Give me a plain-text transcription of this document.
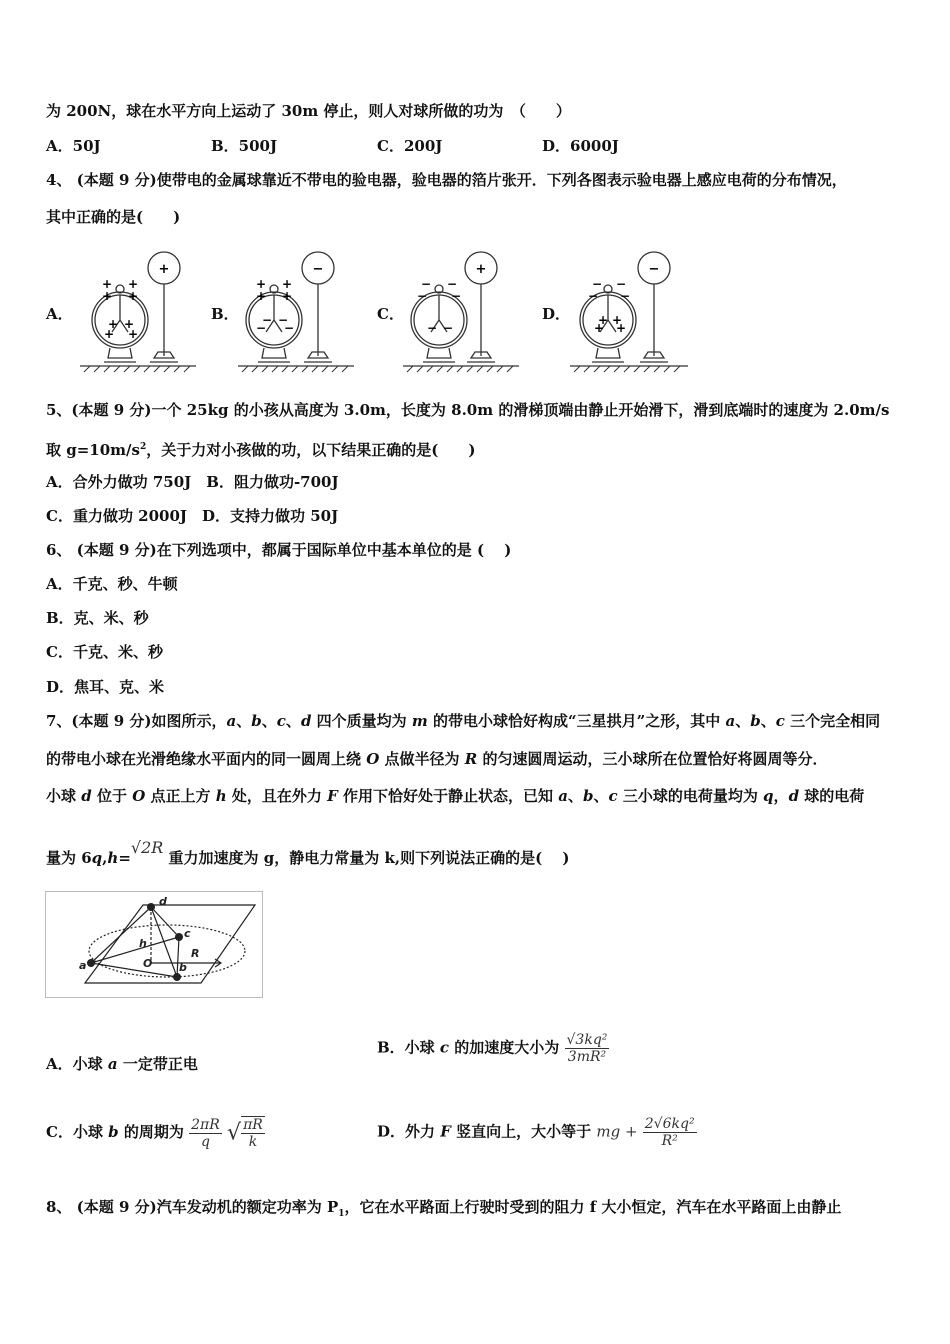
为 200N，球在水平方向上运动了 30m 停止，则人对球所做的功为　（　　）
A．50J	B．500J	C．200J	D．6000J
4、 (本题 9 分)使带电的金属球靠近不带电的验电器，验电器的箔片张开．下列各图表示验电器上感应电荷的分布情况，
其中正确的是(　　)
A．	B．	C．	D．
+
+ +
+ +
+ +
+ +
−
+ +
+ +
− −
− −
+
− −
− −
− −
−
− −
− −
+ +
+ +
5、(本题 9 分)一个 25kg 的小孩从高度为 3.0m，长度为 8.0m 的滑梯顶端由静止开始滑下，滑到底端时的速度为 2.0m/s
取 $g=10m/s^2$，关于力对小孩做的功，以下结果正确的是(　　)
A．合外力做功 750J　B．阻力做功-700J
C．重力做功 2000J　D．支持力做功 50J
6、 (本题 9 分)在下列选项中，都属于国际单位中基本单位的是 (　 )
A．千克、秒、牛顿
B．克、米、秒
C．千克、米、秒
D．焦耳、克、米
7、(本题 9 分)如图所示，a、b、c、d 四个质量均为 m 的带电小球恰好构成“三星拱月”之形，其中 a、b、c 三个完全相同
的带电小球在光滑绝缘水平面内的同一圆周上绕 O 点做半径为 R 的匀速圆周运动，三小球所在位置恰好将圆周等分．
小球 d 位于 O 点正上方 h 处，且在外力 F 作用下恰好处于静止状态，已知 a、b、c 三小球的电荷量均为 q，d 球的电荷
量为 6q,h=√2R 重力加速度为 g，静电力常量为 k,则下列说法正确的是(　 )
d
c
h
O
R
a	b
A．小球 a 一定带正电
B．小球 c 的加速度大小为 $\frac{\text{√3kq²}}{\text{3mR²}}$
C．小球 b 的周期为 $\frac{2\pi R}{q}$ √ $\frac{\pi R}{k}$	D．外力 F 竖直向上，大小等于 mg + $\frac{\text{2√6kq²}}{\text{R²}}$
8、 (本题 9 分)汽车发动机的额定功率为 $P_1$，它在水平路面上行驶时受到的阻力 f 大小恒定，汽车在水平路面上由静止
